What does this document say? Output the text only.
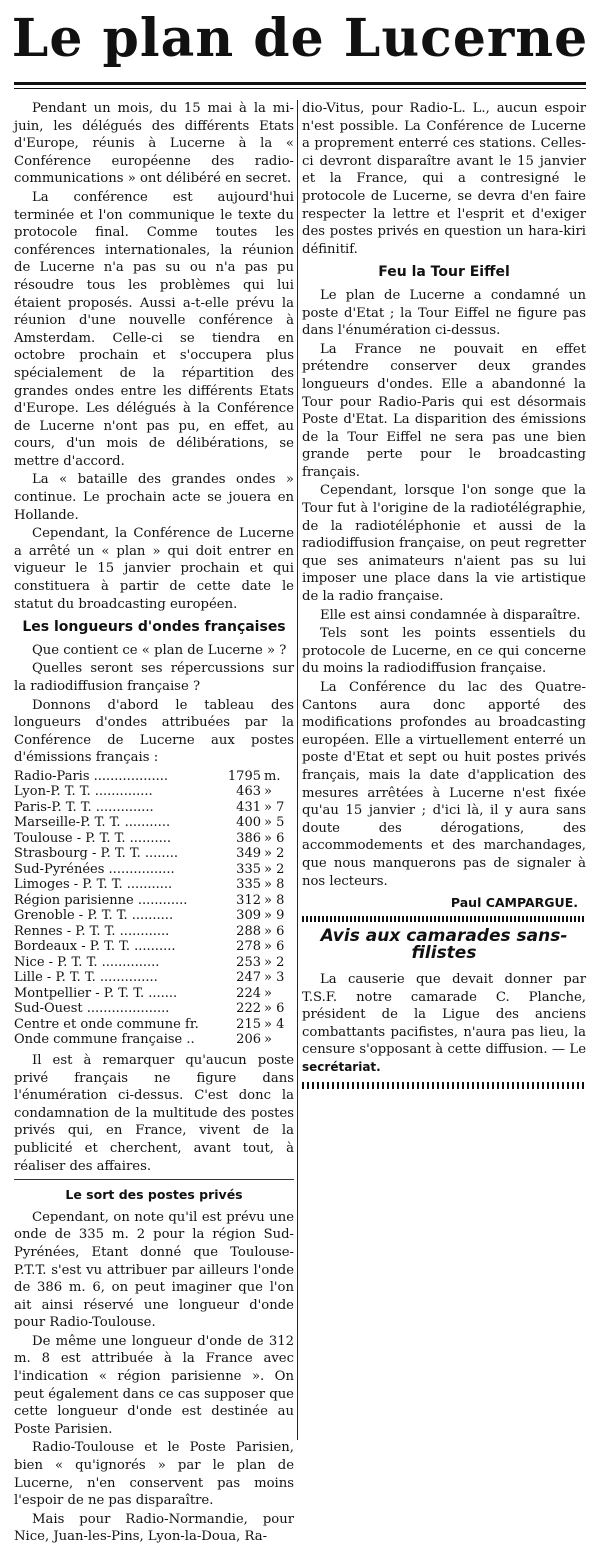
Le plan de Lucerne

Pendant un mois, du 15 mai à la mi-juin, les délégués des différents Etats d'Europe, réunis à Lucerne à la « Conférence européenne des radio-communications » ont délibéré en secret.

La conférence est aujourd'hui terminée et l'on communique le texte du protocole final. Comme toutes les conférences internationales, la réunion de Lucerne n'a pas su ou n'a pas pu résoudre tous les problèmes qui lui étaient proposés. Aussi a-t-elle prévu la réunion d'une nouvelle conférence à Amsterdam. Celle-ci se tiendra en octobre prochain et s'occupera plus spécialement de la répartition des grandes ondes entre les différents Etats d'Europe. Les délégués à la Conférence de Lucerne n'ont pas pu, en effet, au cours, d'un mois de délibérations, se mettre d'accord.

La « bataille des grandes ondes » continue. Le prochain acte se jouera en Hollande.

Cependant, la Conférence de Lucerne a arrêté un « plan » qui doit entrer en vigueur le 15 janvier prochain et qui constituera à partir de cette date le statut du broadcasting européen.

Les longueurs d'ondes françaises

Que contient ce « plan de Lucerne » ?

Quelles seront ses répercussions sur la radiodiffusion française ?

Donnons d'abord le tableau des longueurs d'ondes attribuées par la Conférence de Lucerne aux postes d'émissions français :

Radio-Paris ..................	1795	m.
Lyon-P. T. T. ..............	463	»
Paris-P. T. T. ..............	431	» 7
Marseille-P. T. T. ...........	400	» 5
Toulouse - P. T. T. ..........	386	» 6
Strasbourg - P. T. T. ........	349	» 2
Sud-Pyrénées ................	335	» 2
Limoges - P. T. T. ...........	335	» 8
Région parisienne ............	312	» 8
Grenoble - P. T. T. ..........	309	» 9
Rennes - P. T. T. ............	288	» 6
Bordeaux - P. T. T. ..........	278	» 6
Nice - P. T. T. ..............	253	» 2
Lille - P. T. T. ..............	247	» 3
Montpellier - P. T. T. .......	224	»
Sud-Ouest ....................	222	» 6
Centre et onde commune fr.	215	» 4
Onde commune française ..	206	»

Il est à remarquer qu'aucun poste privé français ne figure dans l'énumération ci-dessus. C'est donc la condamnation de la multitude des postes privés qui, en France, vivent de la publicité et cherchent, avant tout, à réaliser des affaires.

Le sort des postes privés

Cependant, on note qu'il est prévu une onde de 335 m. 2 pour la région Sud-Pyrénées, Etant donné que Toulouse-P.T.T. s'est vu attribuer par ailleurs l'onde de 386 m. 6, on peut imaginer que l'on ait ainsi réservé une longueur d'onde pour Radio-Toulouse.

De même une longueur d'onde de 312 m. 8 est attribuée à la France avec l'indication « région parisienne ». On peut également dans ce cas supposer que cette longueur d'onde est destinée au Poste Parisien.

Radio-Toulouse et le Poste Parisien, bien « qu'ignorés » par le plan de Lucerne, n'en conservent pas moins l'espoir de ne pas disparaître.

Mais pour Radio-Normandie, pour Nice, Juan-les-Pins, Lyon-la-Doua, Ra-

dio-Vitus, pour Radio-L. L., aucun espoir n'est possible. La Conférence de Lucerne a proprement enterré ces stations. Celles-ci devront disparaître avant le 15 janvier et la France, qui a contresigné le protocole de Lucerne, se devra d'en faire respecter la lettre et l'esprit et d'exiger des postes privés en question un hara-kiri définitif.

Feu la Tour Eiffel

Le plan de Lucerne a condamné un poste d'Etat ; la Tour Eiffel ne figure pas dans l'énumération ci-dessus.

La France ne pouvait en effet prétendre conserver deux grandes longueurs d'ondes. Elle a abandonné la Tour pour Radio-Paris qui est désormais Poste d'Etat. La disparition des émissions de la Tour Eiffel ne sera pas une bien grande perte pour le broadcasting français.

Cependant, lorsque l'on songe que la Tour fut à l'origine de la radiotélégraphie, de la radiotéléphonie et aussi de la radiodiffusion française, on peut regretter que ses animateurs n'aient pas su lui imposer une place dans la vie artistique de la radio française.

Elle est ainsi condamnée à disparaître.

Tels sont les points essentiels du protocole de Lucerne, en ce qui concerne du moins la radiodiffusion française.

La Conférence du lac des Quatre-Cantons aura donc apporté des modifications profondes au broadcasting européen. Elle a virtuellement enterré un poste d'Etat et sept ou huit postes privés français, mais la date d'application des mesures arrêtées à Lucerne n'est fixée qu'au 15 janvier ; d'ici là, il y aura sans doute des dérogations, des accommodements et des marchandages, que nous manquerons pas de signaler à nos lecteurs.

Paul CAMPARGUE.
Avis aux camarades sans-filistes

La causerie que devait donner par T.S.F. notre camarade C. Planche, président de la Ligue des anciens combattants pacifistes, n'aura pas lieu, la censure s'opposant à cette diffusion. — Le secrétariat.
